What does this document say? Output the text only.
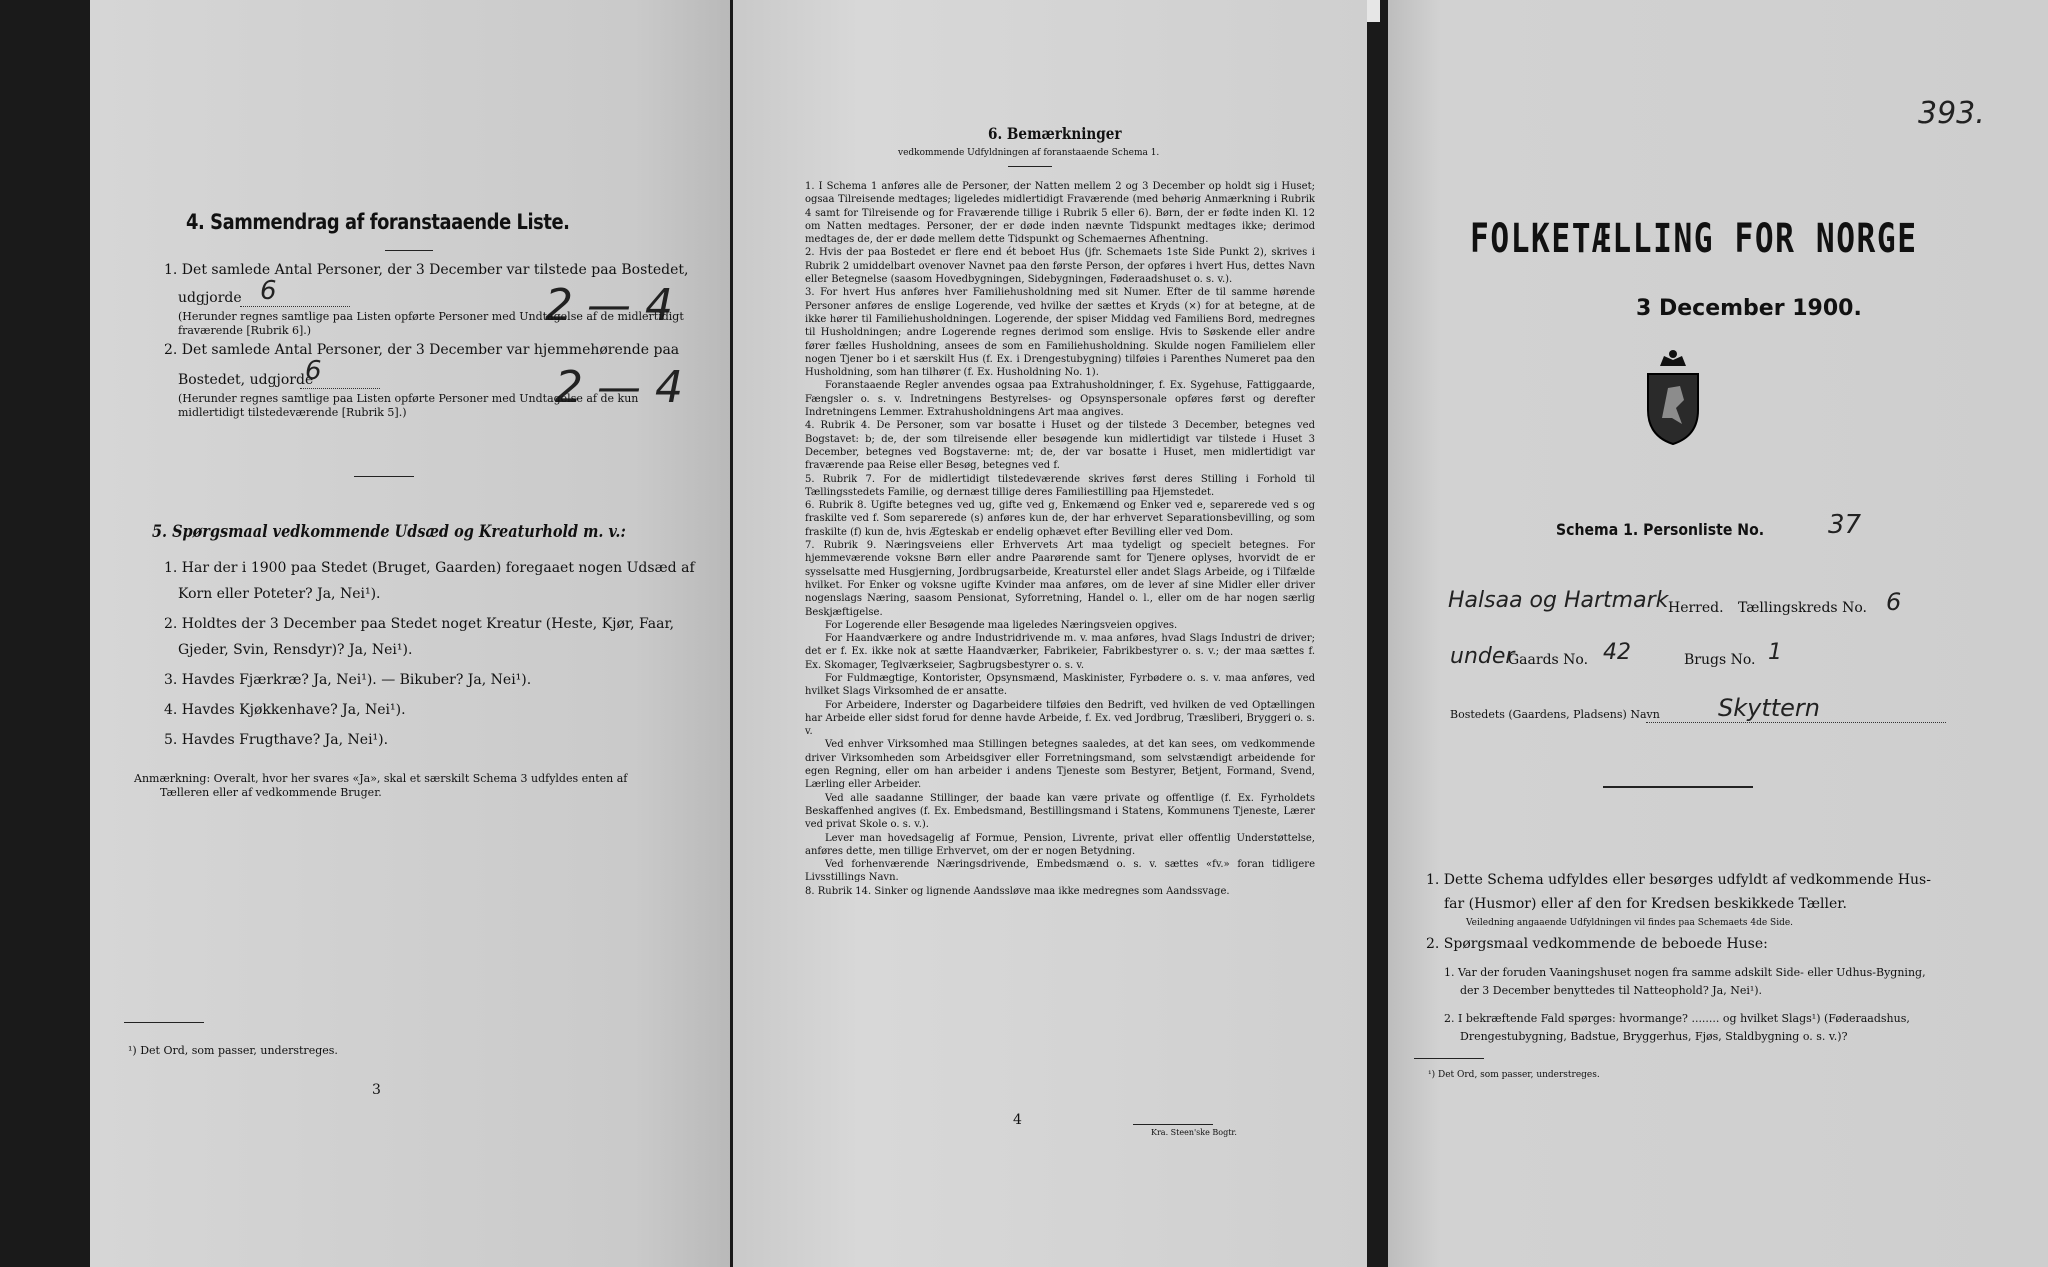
4. Sammendrag af foranstaaende Liste.
1. Det samlede Antal Personer, der 3 December var tilstede paa Bostedet,
udgjorde 6	2 — 4
(Herunder regnes samtlige paa Listen opførte Personer med Undtagelse af de midlertidigt
fraværende [Rubrik 6].)
2. Det samlede Antal Personer, der 3 December var hjemmehørende paa
Bostedet, udgjorde
6	2 — 4
(Herunder regnes samtlige paa Listen opførte Personer med Undtagelse af de kun
midlertidigt tilstedeværende [Rubrik 5].)
5. Spørgsmaal vedkommende Udsæd og Kreaturhold m. v.:
1. Har der i 1900 paa Stedet (Bruget, Gaarden) foregaaet nogen Udsæd af
Korn eller Poteter? Ja, Nei¹).
2. Holdtes der 3 December paa Stedet noget Kreatur (Heste, Kjør, Faar,
Gjeder, Svin, Rensdyr)? Ja, Nei¹).
3. Havdes Fjærkræ? Ja, Nei¹). — Bikuber? Ja, Nei¹).
4. Havdes Kjøkkenhave? Ja, Nei¹).
5. Havdes Frugthave? Ja, Nei¹).
Anmærkning: Overalt, hvor her svares «Ja», skal et særskilt Schema 3 udfyldes enten af
Tælleren eller af vedkommende Bruger.
¹) Det Ord, som passer, understreges.
3
6. Bemærkninger
vedkommende Udfyldningen af foranstaaende Schema 1.

1. I Schema 1 anføres alle de Personer, der Natten mellem 2 og 3 December op holdt sig i Huset; ogsaa Tilreisende medtages; ligeledes midlertidigt Fraværende (med behørig Anmærkning i Rubrik 4 samt for Tilreisende og for Fraværende tillige i Rubrik 5 eller 6). Børn, der er fødte inden Kl. 12 om Natten medtages. Personer, der er døde inden nævnte Tidspunkt medtages ikke; derimod medtages de, der er døde mellem dette Tidspunkt og Schemaernes Afhentning.

2. Hvis der paa Bostedet er flere end ét beboet Hus (jfr. Schemaets 1ste Side Punkt 2), skrives i Rubrik 2 umiddelbart ovenover Navnet paa den første Person, der opføres i hvert Hus, dettes Navn eller Betegnelse (saasom Hovedbygningen, Sidebygningen, Føderaadshuset o. s. v.).

3. For hvert Hus anføres hver Familiehusholdning med sit Numer. Efter de til samme hørende Personer anføres de enslige Logerende, ved hvilke der sættes et Kryds (×) for at betegne, at de ikke hører til Familiehusholdningen. Logerende, der spiser Middag ved Familiens Bord, medregnes til Husholdningen; andre Logerende regnes derimod som enslige. Hvis to Søskende eller andre fører fælles Husholdning, ansees de som en Familiehusholdning. Skulde nogen Familielem eller nogen Tjener bo i et særskilt Hus (f. Ex. i Drengestubygning) tilføies i Parenthes Numeret paa den Husholdning, som han tilhører (f. Ex. Husholdning No. 1).

Foranstaaende Regler anvendes ogsaa paa Extrahusholdninger, f. Ex. Sygehuse, Fattiggaarde, Fængsler o. s. v. Indretningens Bestyrelses- og Opsynspersonale opføres først og derefter Indretningens Lemmer. Extrahusholdningens Art maa angives.

4. Rubrik 4. De Personer, som var bosatte i Huset og der tilstede 3 December, betegnes ved Bogstavet: b; de, der som tilreisende eller besøgende kun midlertidigt var tilstede i Huset 3 December, betegnes ved Bogstaverne: mt; de, der var bosatte i Huset, men midlertidigt var fraværende paa Reise eller Besøg, betegnes ved f.

5. Rubrik 7. For de midlertidigt tilstedeværende skrives først deres Stilling i Forhold til Tællingsstedets Familie, og dernæst tillige deres Familiestilling paa Hjemstedet.

6. Rubrik 8. Ugifte betegnes ved ug, gifte ved g, Enkemænd og Enker ved e, separerede ved s og fraskilte ved f. Som separerede (s) anføres kun de, der har erhvervet Separationsbevilling, og som fraskilte (f) kun de, hvis Ægteskab er endelig ophævet efter Bevilling eller ved Dom.

7. Rubrik 9. Næringsveiens eller Erhvervets Art maa tydeligt og specielt betegnes. For hjemmeværende voksne Børn eller andre Paarørende samt for Tjenere oplyses, hvorvidt de er sysselsatte med Husgjerning, Jordbrugsarbeide, Kreaturstel eller andet Slags Arbeide, og i Tilfælde hvilket. For Enker og voksne ugifte Kvinder maa anføres, om de lever af sine Midler eller driver nogenslags Næring, saasom Pensionat, Syforretning, Handel o. l., eller om de har nogen særlig Beskjæftigelse.

For Logerende eller Besøgende maa ligeledes Næringsveien opgives.

For Haandværkere og andre Industridrivende m. v. maa anføres, hvad Slags Industri de driver; det er f. Ex. ikke nok at sætte Haandværker, Fabrikeier, Fabrikbestyrer o. s. v.; der maa sættes f. Ex. Skomager, Teglværkseier, Sagbrugsbestyrer o. s. v.

For Fuldmægtige, Kontorister, Opsynsmænd, Maskinister, Fyrbødere o. s. v. maa anføres, ved hvilket Slags Virksomhed de er ansatte.

For Arbeidere, Inderster og Dagarbeidere tilføies den Bedrift, ved hvilken de ved Optællingen har Arbeide eller sidst forud for denne havde Arbeide, f. Ex. ved Jordbrug, Træsliberi, Bryggeri o. s. v.

Ved enhver Virksomhed maa Stillingen betegnes saaledes, at det kan sees, om vedkommende driver Virksomheden som Arbeidsgiver eller Forretningsmand, som selvstændigt arbeidende for egen Regning, eller om han arbeider i andens Tjeneste som Bestyrer, Betjent, Formand, Svend, Lærling eller Arbeider.

Ved alle saadanne Stillinger, der baade kan være private og offentlige (f. Ex. Fyrholdets Beskaffenhed angives (f. Ex. Embedsmand, Bestillingsmand i Statens, Kommunens Tjeneste, Lærer ved privat Skole o. s. v.).

Lever man hovedsagelig af Formue, Pension, Livrente, privat eller offentlig Understøttelse, anføres dette, men tillige Erhvervet, om der er nogen Betydning.

Ved forhenværende Næringsdrivende, Embedsmænd o. s. v. sættes «fv.» foran tidligere Livsstillings Navn.

8. Rubrik 14. Sinker og lignende Aandssløve maa ikke medregnes som Aandssvage.

4
Kra. Steen'ske Bogtr.
393.
FOLKETÆLLING FOR NORGE
3 December 1900.
Schema 1. Personliste No. 37
Halsaa og Hartmark Herred. Tællingskreds No. 6
under
Gaards No. 42	Brugs No. 1
Bostedets (Gaardens, Pladsens) Navn Skyttern
1. Dette Schema udfyldes eller besørges udfyldt af vedkommende Hus-
far (Husmor) eller af den for Kredsen beskikkede Tæller.
Veiledning angaaende Udfyldningen vil findes paa Schemaets 4de Side.
2. Spørgsmaal vedkommende de beboede Huse:
1. Var der foruden Vaaningshuset nogen fra samme adskilt Side- eller Udhus-Bygning,
der 3 December benyttedes til Natteophold? Ja, Nei¹).
2. I bekræftende Fald spørges: hvormange? ........ og hvilket Slags¹) (Føderaadshus,
Drengestubygning, Badstue, Bryggerhus, Fjøs, Staldbygning o. s. v.)?
¹) Det Ord, som passer, understreges.
